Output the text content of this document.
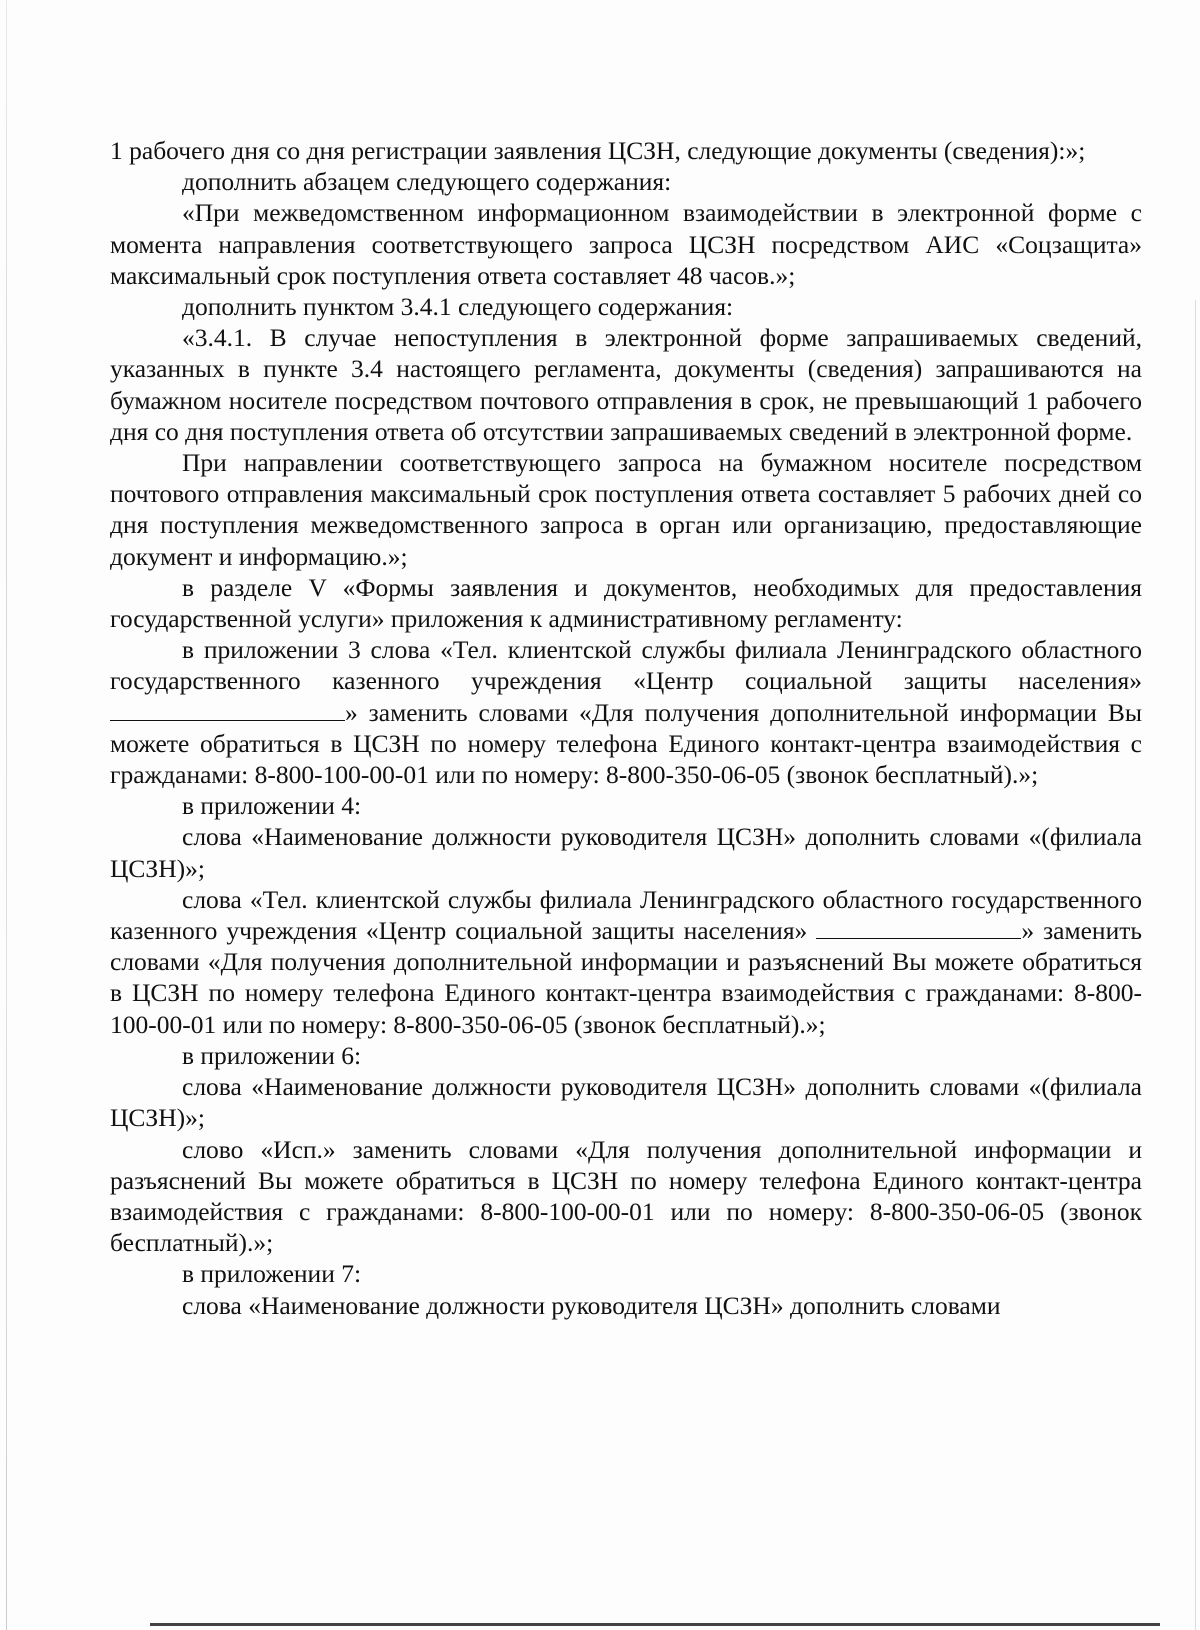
1 рабочего дня со дня регистрации заявления ЦСЗН, следующие документы (сведения):»;

дополнить абзацем следующего содержания:

«При межведомственном информационном взаимодействии в электронной форме с момента направления соответствующего запроса ЦСЗН посредством АИС «Соцзащита» максимальный срок поступления ответа составляет 48 часов.»;

дополнить пунктом 3.4.1 следующего содержания:

«3.4.1. В случае непоступления в электронной форме запрашиваемых сведений, указанных в пункте 3.4 настоящего регламента, документы (сведения) запрашиваются на бумажном носителе посредством почтового отправления в срок, не превышающий 1 рабочего дня со дня поступления ответа об отсутствии запрашиваемых сведений в электронной форме.

При направлении соответствующего запроса на бумажном носителе посредством почтового отправления максимальный срок поступления ответа составляет 5 рабочих дней со дня поступления межведомственного запроса в орган или организацию, предоставляющие документ и информацию.»;

в разделе V «Формы заявления и документов, необходимых для предоставления государственной услуги» приложения к административному регламенту:

в приложении 3 слова «Тел. клиентской службы филиала Ленинградского областного государственного казенного учреждения «Центр социальной защиты населения» » заменить словами «Для получения дополнительной информации Вы можете обратиться в ЦСЗН по номеру телефона Единого контакт-центра взаимодействия с гражданами: 8-800-100-00-01 или по номеру: 8-800-350-06-05 (звонок бесплатный).»;

в приложении 4:

слова «Наименование должности руководителя ЦСЗН» дополнить словами «(филиала ЦСЗН)»;

слова «Тел. клиентской службы филиала Ленинградского областного государственного казенного учреждения «Центр социальной защиты населения»	» заменить словами «Для получения дополнительной информации и разъяснений Вы можете обратиться в ЦСЗН по номеру телефона Единого контакт-центра взаимодействия с гражданами: 8-800-100-00-01 или по номеру: 8-800-350-06-05 (звонок бесплатный).»;

в приложении 6:

слова «Наименование должности руководителя ЦСЗН» дополнить словами «(филиала ЦСЗН)»;

слово «Исп.» заменить словами «Для получения дополнительной информации и разъяснений Вы можете обратиться в ЦСЗН по номеру телефона Единого контакт-центра взаимодействия с гражданами: 8-800-100-00-01 или по номеру: 8-800-350-06-05 (звонок бесплатный).»;

в приложении 7:

слова «Наименование должности руководителя ЦСЗН» дополнить словами
